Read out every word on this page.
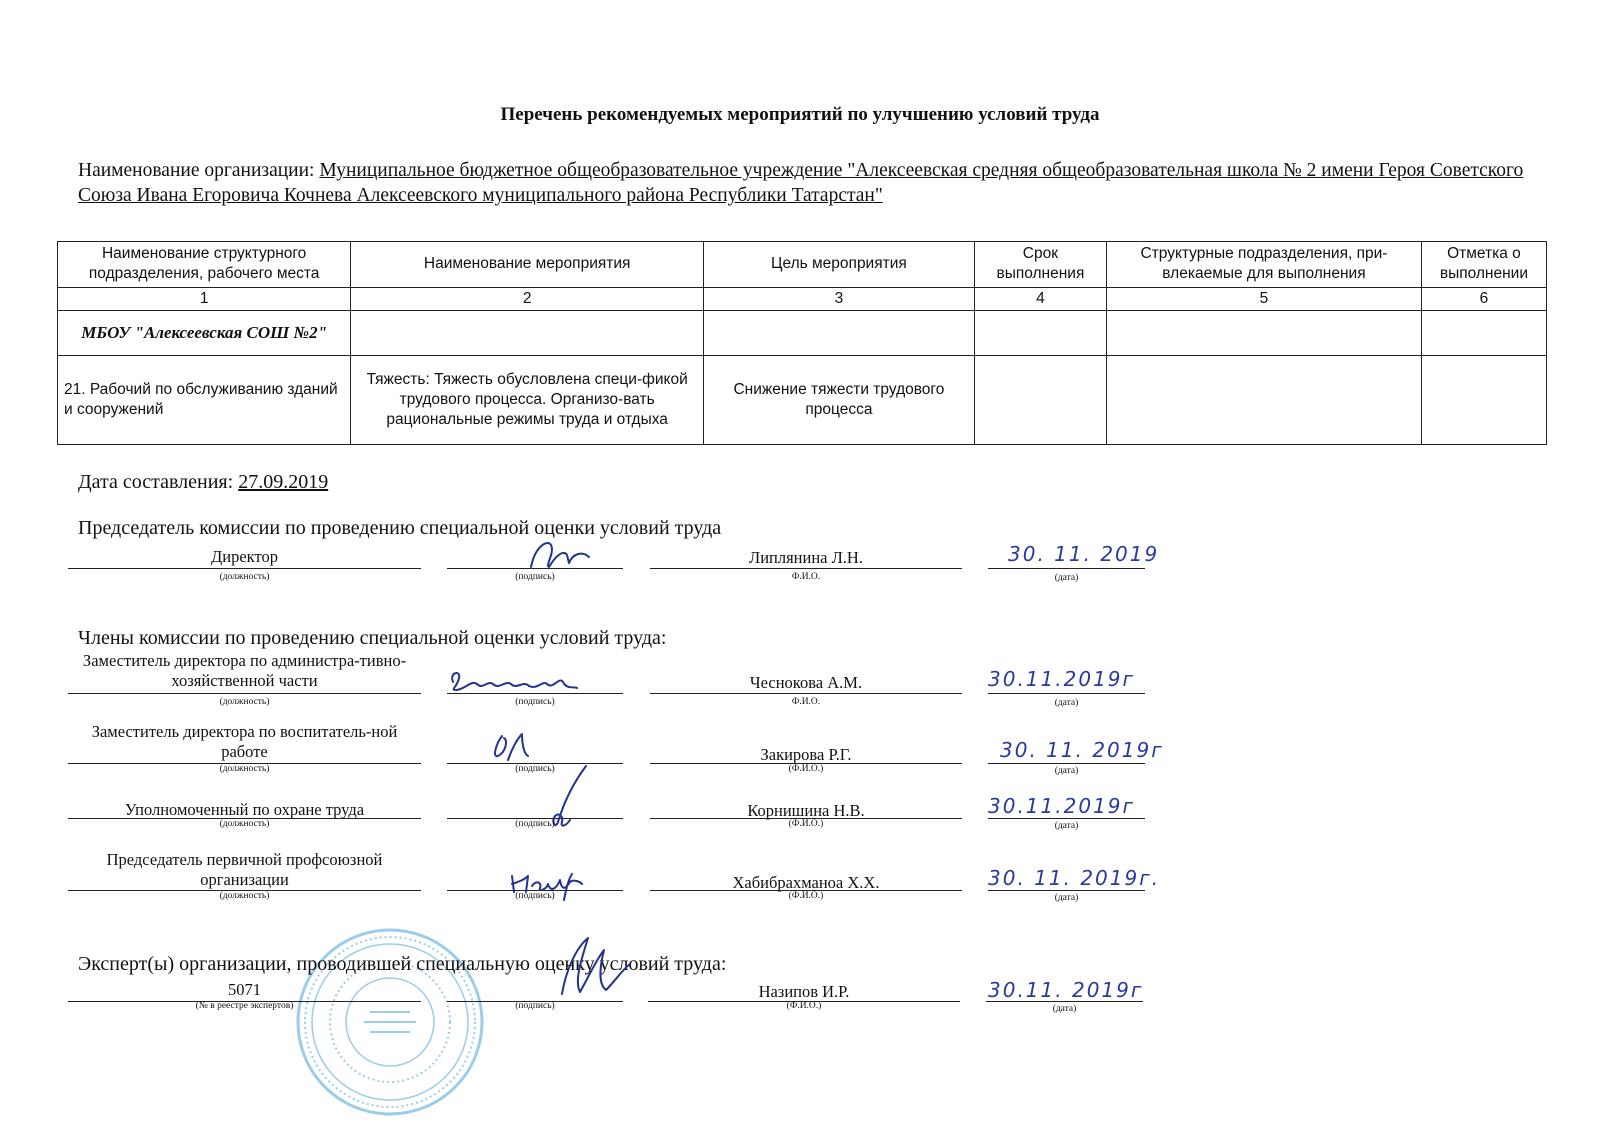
Перечень рекомендуемых мероприятий по улучшению условий труда
Наименование организации: Муниципальное бюджетное общеобразовательное учреждение "Алексеевская средняя общеобразовательная школа № 2 имени Героя Советского Союза Ивана Егоровича Кочнева Алексеевского муниципального района Республики Татарстан"
Наименование структурного подразделения, рабочего места	Наименование мероприятия	Цель мероприятия	Срок выполнения	Структурные подразделения, при-влекаемые для выполнения	Отметка о выполнении
1	2	3	4	5	6
МБОУ "Алексеевская СОШ №2"					
21. Рабочий по обслуживанию зданий и сооружений	Тяжесть: Тяжесть обусловлена специ-фикой трудового процесса. Организо-вать рациональные режимы труда и отдыха	Снижение тяжести трудового процесса			
Дата составления: 27.09.2019
Председатель комиссии по проведению специальной оценки условий труда
Директор
(должность)	(подпись)
Липлянина Л.Н.
Ф.И.О.
30. 11. 2019
(дата)
Члены комиссии по проведению специальной оценки условий труда:
Заместитель директора по администра-тивно-хозяйственной части
(должность)	(подпись)
Чеснокова А.М.
Ф.И.О.
30.11.2019г
(дата)
Заместитель директора по воспитатель-ной работе
(должность)	(подпись)
Закирова Р.Г.
(Ф.И.О.)
30. 11. 2019г
(дата)
Уполномоченный по охране труда
(должность)	(подпись)
Корнишина Н.В.
(Ф.И.О.)
30.11.2019г
(дата)
Председатель первичной профсоюзной организации
(должность)	(подпись)
Хабибрахманоа Х.Х.
(Ф.И.О.)
30. 11. 2019г.
(дата)
Эксперт(ы) организации, проводившей специальную оценку условий труда:
5071
(№ в реестре экспертов)	(подпись)
Назипов И.Р.
(Ф.И.О.)
30.11. 2019г
(дата)
